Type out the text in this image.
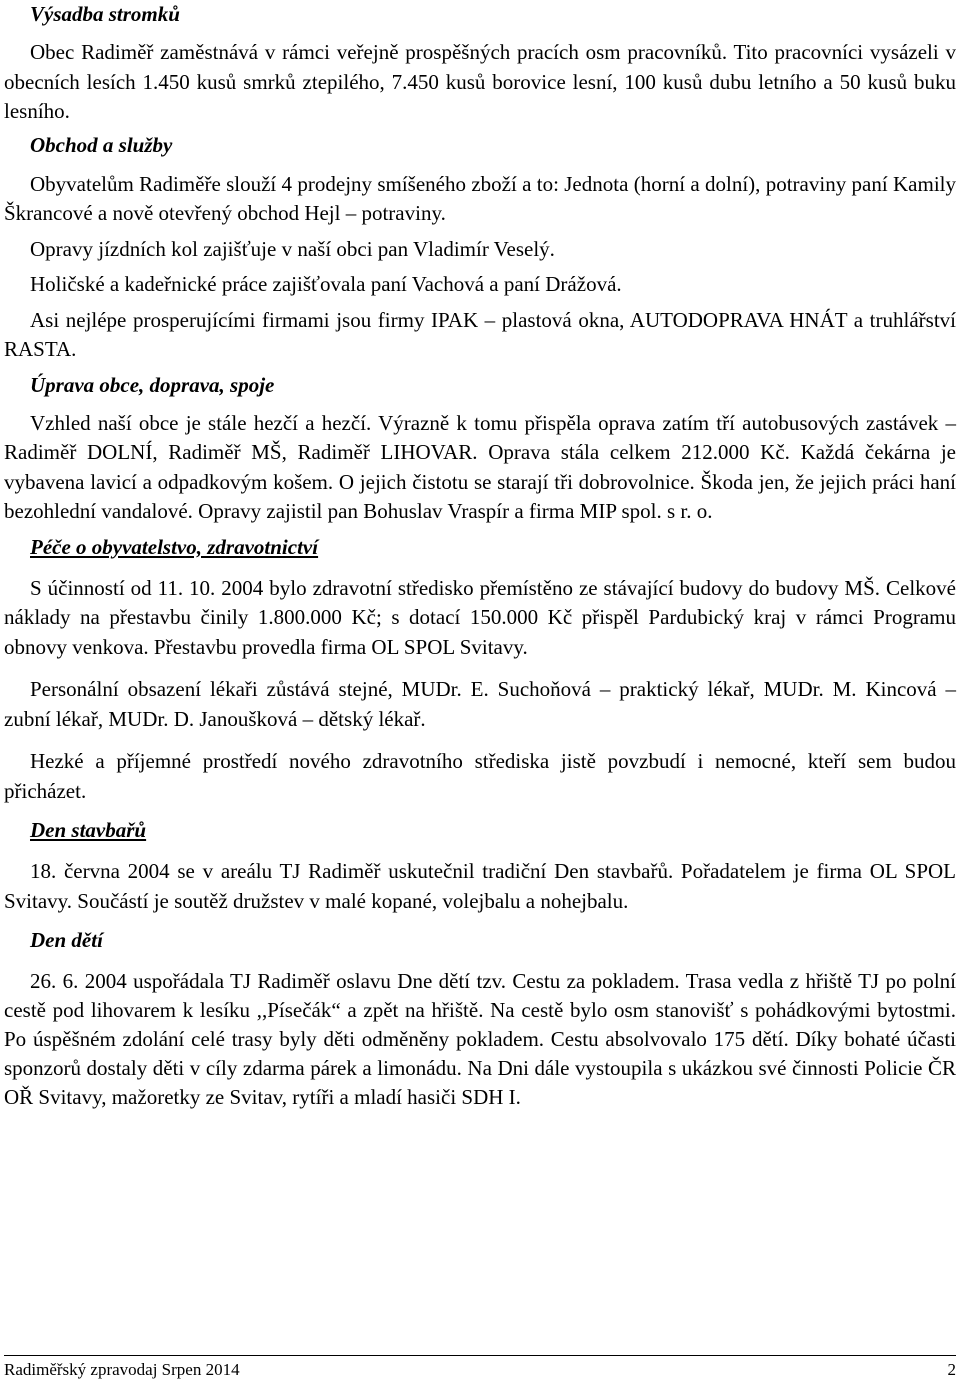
Výsadba stromků

Obec Radiměř zaměstnává v rámci veřejně prospěšných pracích osm pracovníků. Tito pracovníci vysázeli v obecních lesích 1.450 kusů smrků ztepilého, 7.450 kusů borovice lesní, 100 kusů dubu letního a 50 kusů buku lesního.

Obchod a služby

Obyvatelům Radiměře slouží 4 prodejny smíšeného zboží a to: Jednota (horní a dolní), potraviny paní Kamily Škrancové a nově otevřený obchod Hejl – potraviny.

Opravy jízdních kol zajišťuje v naší obci pan Vladimír Veselý.

Holičské a kadeřnické práce zajišťovala paní Vachová a paní Drážová.

Asi nejlépe prosperujícími firmami jsou firmy IPAK – plastová okna, AUTODOPRAVA HNÁT a truhlářství RASTA.

Úprava obce, doprava, spoje

Vzhled naší obce je stále hezčí a hezčí. Výrazně k tomu přispěla oprava zatím tří autobusových zastávek – Radiměř DOLNÍ, Radiměř MŠ, Radiměř LIHOVAR. Oprava stála celkem 212.000 Kč. Každá čekárna je vybavena lavicí a odpadkovým košem. O jejich čistotu se starají tři dobrovolnice. Škoda jen, že jejich práci haní bezohlední vandalové. Opravy zajistil pan Bohuslav Vraspír a firma MIP spol. s r. o.

Péče o obyvatelstvo, zdravotnictví

S účinností od 11. 10. 2004 bylo zdravotní středisko přemístěno ze stávající budovy do budovy MŠ. Celkové náklady na přestavbu činily 1.800.000 Kč; s dotací 150.000 Kč přispěl Pardubický kraj v rámci Programu obnovy venkova. Přestavbu provedla firma OL SPOL Svitavy.

Personální obsazení lékaři zůstává stejné, MUDr. E. Suchoňová – praktický lékař, MUDr. M. Kincová – zubní lékař, MUDr. D. Janoušková – dětský lékař.

Hezké a příjemné prostředí nového zdravotního střediska jistě povzbudí i nemocné, kteří sem budou přicházet.

Den stavbařů

18. června 2004 se v areálu TJ Radiměř uskutečnil tradiční Den stavbařů. Pořadatelem je firma OL SPOL Svitavy. Součástí je soutěž družstev v malé kopané, volejbalu a nohejbalu.

Den dětí

26. 6. 2004 uspořádala TJ Radiměř oslavu Dne dětí tzv. Cestu za pokladem. Trasa vedla z hřiště TJ po polní cestě pod lihovarem k lesíku ,,Písečák“ a zpět na hřiště. Na cestě bylo osm stanovišť s pohádkovými bytostmi. Po úspěšném zdolání celé trasy byly děti odměněny pokladem. Cestu absolvovalo 175 dětí. Díky bohaté účasti sponzorů dostaly děti v cíly zdarma párek a limonádu. Na Dni dále vystoupila s ukázkou své činnosti Policie ČR OŘ Svitavy, mažoretky ze Svitav, rytíři a mladí hasiči SDH I.

Radiměřský zpravodaj Srpen 2014	2
